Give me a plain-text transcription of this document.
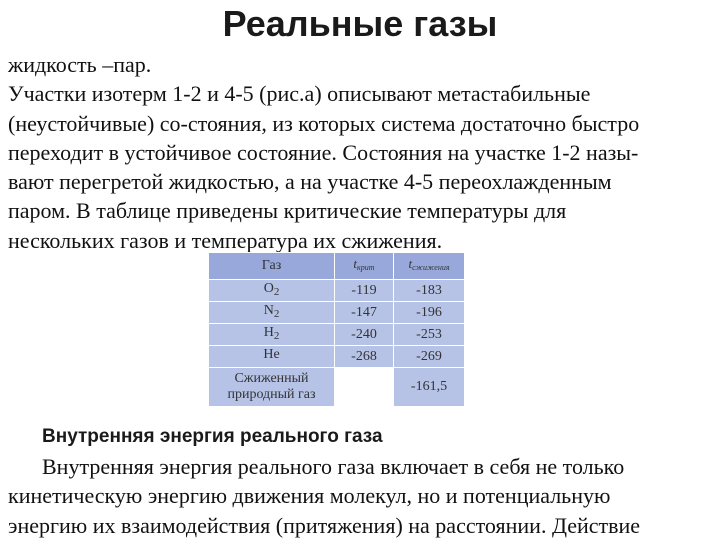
Реальные газы
жидкость –пар.
Участки изотерм 1-2 и 4-5 (рис.а) описывают метастабильные
(неустойчивые) со-стояния, из которых система достаточно быстро
переходит в устойчивое состояние. Состояния на участке 1-2 назы-
вают перегретой жидкостью, а на участке 4-5 переохлажденным
паром. В таблице приведены критические температуры для
нескольких газов и температура их сжижения.
Газ	tкрит	tсжижения
$O_2$	-119	-183
$N_2$	-147	-196
$H_2$	-240	-253
He	-268	-269
Сжиженный
природный газ		-161,5
Внутренняя энергия реального газа
Внутренняя энергия реального газа включает в себя не только
кинетическую энергию движения молекул, но и потенциальную
энергию их взаимодействия (притяжения) на расстоянии. Действие
